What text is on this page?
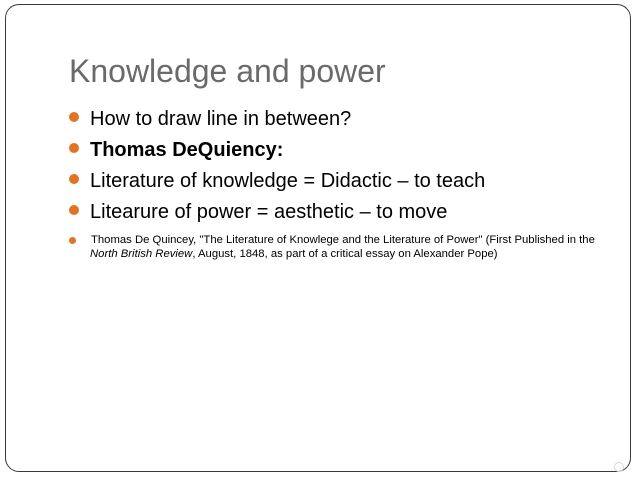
Knowledge and power
How to draw line in between?
Thomas DeQuiency:
Literature of knowledge = Didactic – to teach
Litearure of power = aesthetic – to move
Thomas De Quincey, "The Literature of Knowlege and the Literature of Power" (First Published in the North British Review, August, 1848, as part of a critical essay on Alexander Pope)
